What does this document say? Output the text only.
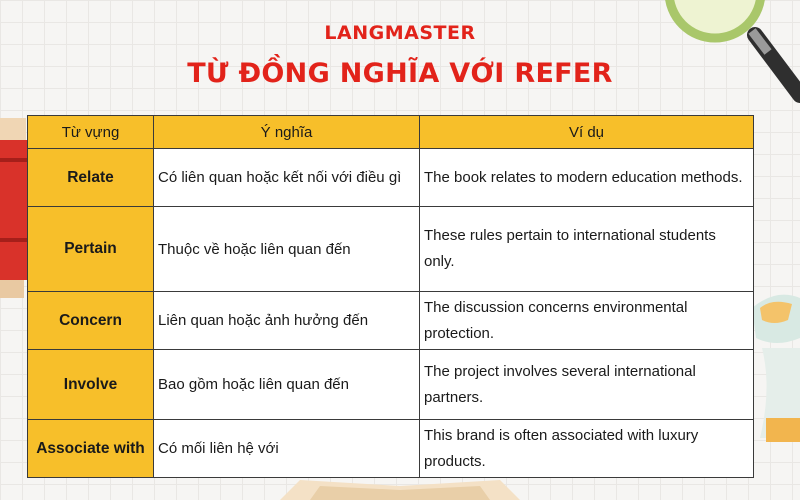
LANGMASTER
TỪ ĐỒNG NGHĨA VỚI REFER
Từ vựng	Ý nghĩa	Ví dụ
Relate	Có liên quan hoặc kết nối với điều gì	The book relates to modern education methods.
Pertain	Thuộc về hoặc liên quan đến	These rules pertain to international students only.
Concern	Liên quan hoặc ảnh hưởng đến	The discussion concerns environmental protection.
Involve	Bao gồm hoặc liên quan đến	The project involves several international partners.
Associate with	Có mối liên hệ với	This brand is often associated with luxury products.
